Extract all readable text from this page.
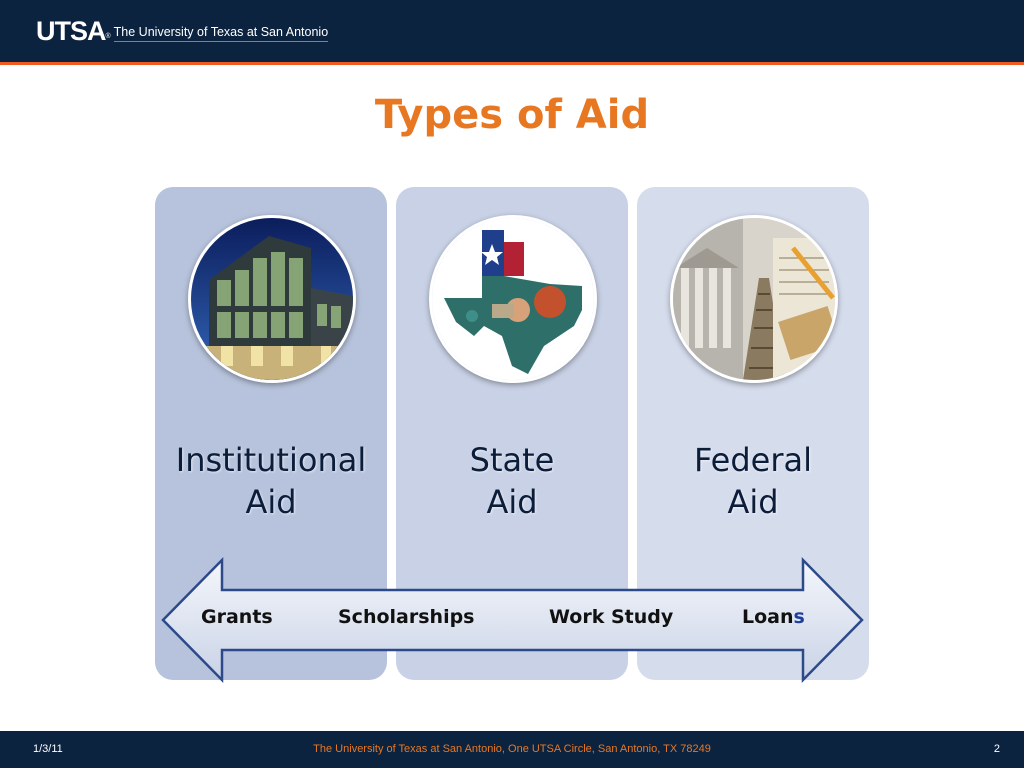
UTSA ® The University of Texas at San Antonio
Types of Aid
Institutional
Aid
State
Aid
Federal
Aid
Grants	Scholarships	Work Study	Loans
1/3/11	The University of Texas at San Antonio, One UTSA Circle, San Antonio, TX 78249	2
